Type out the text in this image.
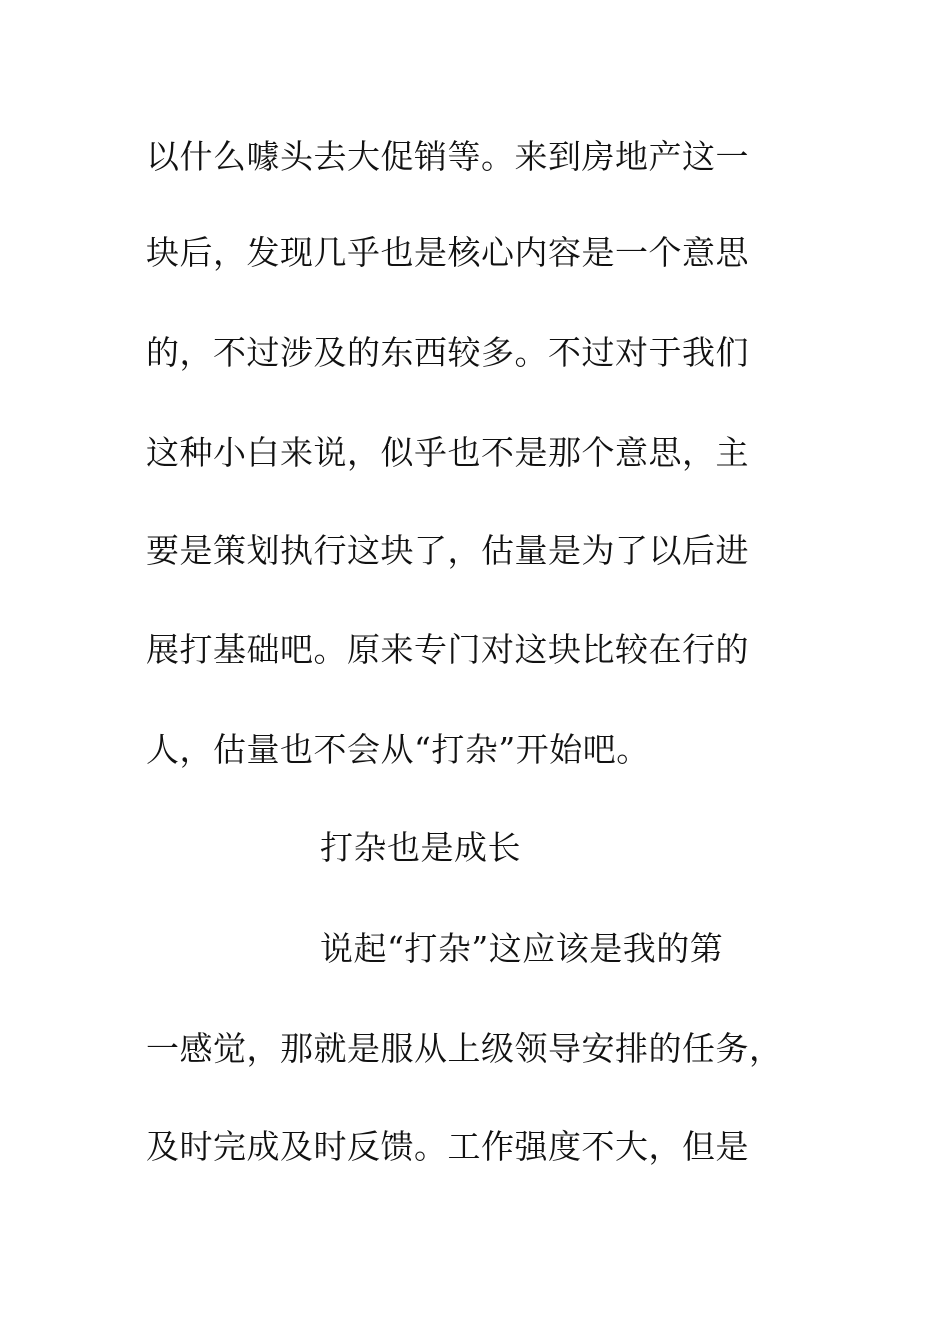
以什么噱头去大促销等。来到房地产这一
块后，发现几乎也是核心内容是一个意思
的，不过涉及的东西较多。不过对于我们
这种小白来说，似乎也不是那个意思，主
要是策划执行这块了，估量是为了以后进
展打基础吧。原来专门对这块比较在行的
人，估量也不会从“打杂”开始吧。
打杂也是成长
说起“打杂”这应该是我的第
一感觉，那就是服从上级领导安排的任务，
及时完成及时反馈。工作强度不大，但是
